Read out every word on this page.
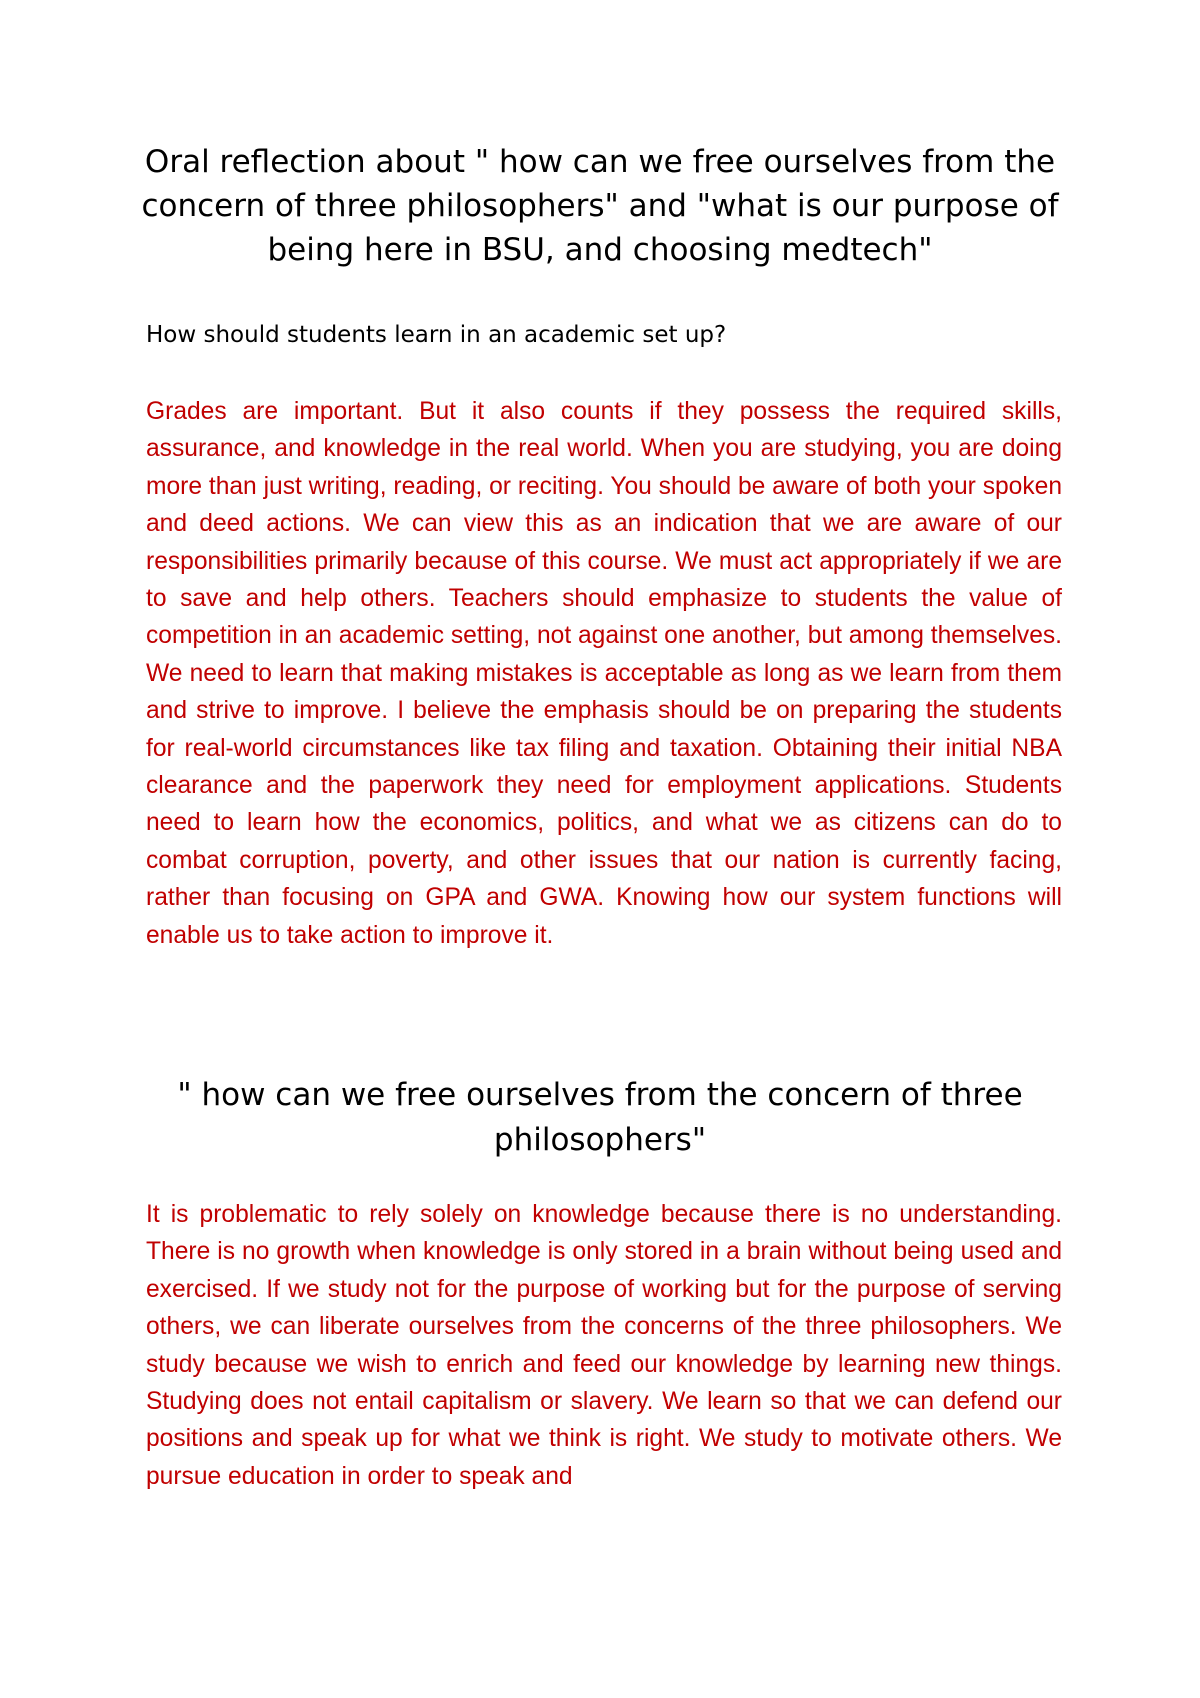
Oral reflection about " how can we free ourselves from the concern of three philosophers" and "what is our purpose of being here in BSU, and choosing medtech"

How should students learn in an academic set up?

Grades are important. But it also counts if they possess the required skills, assurance, and knowledge in the real world. When you are studying, you are doing more than just writing, reading, or reciting. You should be aware of both your spoken and deed actions. We can view this as an indication that we are aware of our responsibilities primarily because of this course. We must act appropriately if we are to save and help others. Teachers should emphasize to students the value of competition in an academic setting, not against one another, but among themselves. We need to learn that making mistakes is acceptable as long as we learn from them and strive to improve. I believe the emphasis should be on preparing the students for real-world circumstances like tax filing and taxation. Obtaining their initial NBA clearance and the paperwork they need for employment applications. Students need to learn how the economics, politics, and what we as citizens can do to combat corruption, poverty, and other issues that our nation is currently facing, rather than focusing on GPA and GWA. Knowing how our system functions will enable us to take action to improve it.

" how can we free ourselves from the concern of three philosophers"

It is problematic to rely solely on knowledge because there is no understanding. There is no growth when knowledge is only stored in a brain without being used and exercised. If we study not for the purpose of working but for the purpose of serving others, we can liberate ourselves from the concerns of the three philosophers. We study because we wish to enrich and feed our knowledge by learning new things. Studying does not entail capitalism or slavery. We learn so that we can defend our positions and speak up for what we think is right. We study to motivate others. We pursue education in order to speak and
